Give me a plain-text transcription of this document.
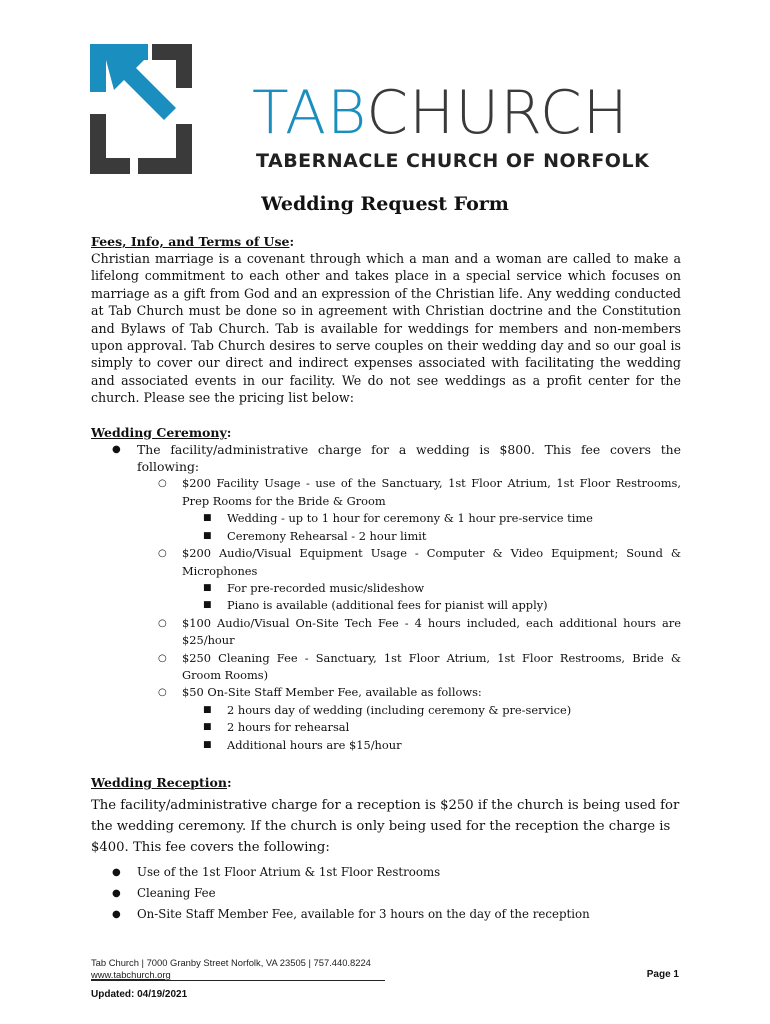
TABCHURCH
TABERNACLE CHURCH OF NORFOLK
Wedding Request Form

Fees, Info, and Terms of Use:

Christian marriage is a covenant through which a man and a woman are called to make a lifelong commitment to each other and takes place in a special service which focuses on marriage as a gift from God and an expression of the Christian life. Any wedding conducted at Tab Church must be done so in agreement with Christian doctrine and the Constitution and Bylaws of Tab Church. Tab is available for weddings for members and non-members upon approval. Tab Church desires to serve couples on their wedding day and so our goal is simply to cover our direct and indirect expenses associated with facilitating the wedding and associated events in our facility. We do not see weddings as a profit center for the church. Please see the pricing list below:

Wedding Ceremony:

● The facility/administrative charge for a wedding is $800. This fee covers the following:
○ $200 Facility Usage - use of the Sanctuary, 1st Floor Atrium, 1st Floor Restrooms, Prep Rooms for the Bride & Groom
■ Wedding - up to 1 hour for ceremony & 1 hour pre-service time
■ Ceremony Rehearsal - 2 hour limit
○ $200 Audio/Visual Equipment Usage - Computer & Video Equipment; Sound & Microphones
■ For pre-recorded music/slideshow
■ Piano is available (additional fees for pianist will apply)
○ $100 Audio/Visual On-Site Tech Fee - 4 hours included, each additional hours are $25/hour
○ $250 Cleaning Fee - Sanctuary, 1st Floor Atrium, 1st Floor Restrooms, Bride & Groom Rooms)
○ $50 On-Site Staff Member Fee, available as follows:
■ 2 hours day of wedding (including ceremony & pre-service)
■ 2 hours for rehearsal
■ Additional hours are $15/hour

Wedding Reception:

The facility/administrative charge for a reception is $250 if the church is being used for the wedding ceremony. If the church is only being used for the reception the charge is $400. This fee covers the following:

● Use of the 1st Floor Atrium & 1st Floor Restrooms
● Cleaning Fee
● On-Site Staff Member Fee, available for 3 hours on the day of the reception
Tab Church | 7000 Granby Street Norfolk, VA 23505 | 757.440.8224
www.tabchurch.org	Page 1
Updated: 04/19/2021
